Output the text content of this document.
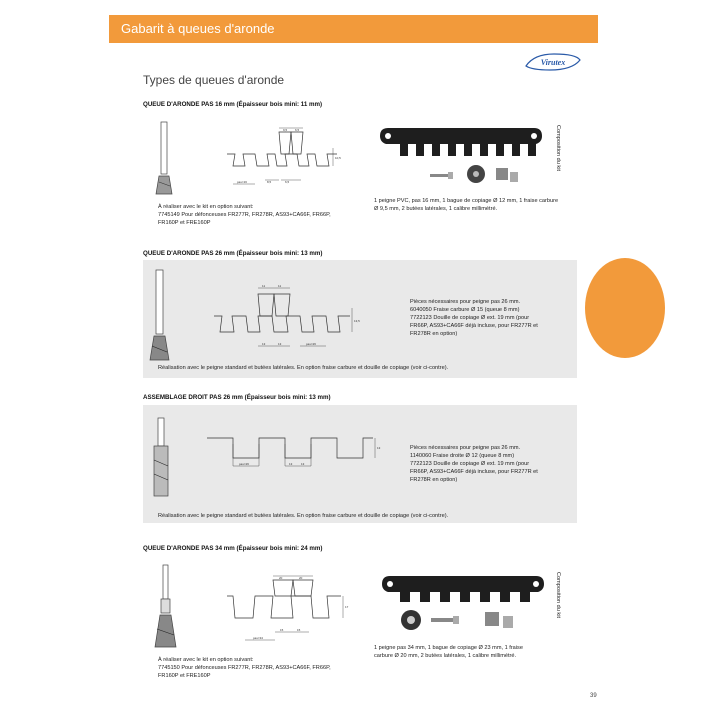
Gabarit à queues d'aronde
Virutex
Types de queues d'aronde
QUEUE D'ARONDE PAS 16 mm (Épaisseur bois mini: 11 mm)
9,5	6,5
8,5	6,5
10,5
pas=16
À réaliser avec le kit en option suivant:
7745149 Pour défonceuses FR277R, FR278R, AS93+CA66F, FR66P,
FR160P et FRE160P
1 peigne PVC, pas 16 mm, 1 bague de copiage Ø 12 mm, 1 fraise carbure
Ø 9,5 mm, 2 butées latérales, 1 calibre millimétré.
Composition du kit
QUEUE D'ARONDE PAS 26 mm (Épaisseur bois mini: 13 mm)
11	11
13	13
13,5
pas=26
Pièces nécessaires pour peigne pas 26 mm.
6040050 Fraise carbure Ø 15 (queue 8 mm)
7722123 Douille de copiage Ø ext. 19 mm (pour
FR66P, AS93+CA66F déjà incluse, pour FR277R et
FR278R en option)
Réalisation avec le peigne standard et butées latérales. En option fraise carbure et douille de copiage (voir ci-contre).
ASSEMBLAGE DROIT PAS 26 mm (Épaisseur bois mini: 13 mm)
pas=26	13	13
13	Pièces nécessaires pour peigne pas 26 mm.
1140060 Fraise droite Ø 12 (queue 8 mm)
7722123 Douille de copiage Ø ext. 19 mm (pour
FR66P, AS93+CA66F déjà incluse, pour FR277R et
FR278R en option)
Réalisation avec le peigne standard et butées latérales. En option fraise carbure et douille de copiage (voir ci-contre).
QUEUE D'ARONDE PAS 34 mm (Épaisseur bois mini: 24 mm)
20	20
15	15
17
pas=34
À réaliser avec le kit en option suivant:
7745150 Pour défonceuses FR277R, FR278R, AS93+CA66F, FR66P,
FR160P et FRE160P
1 peigne pas 34 mm, 1 bague de copiage Ø 23 mm, 1 fraise
carbure Ø 20 mm, 2 butées latérales, 1 calibre millimétré.
Composition du kit
39
